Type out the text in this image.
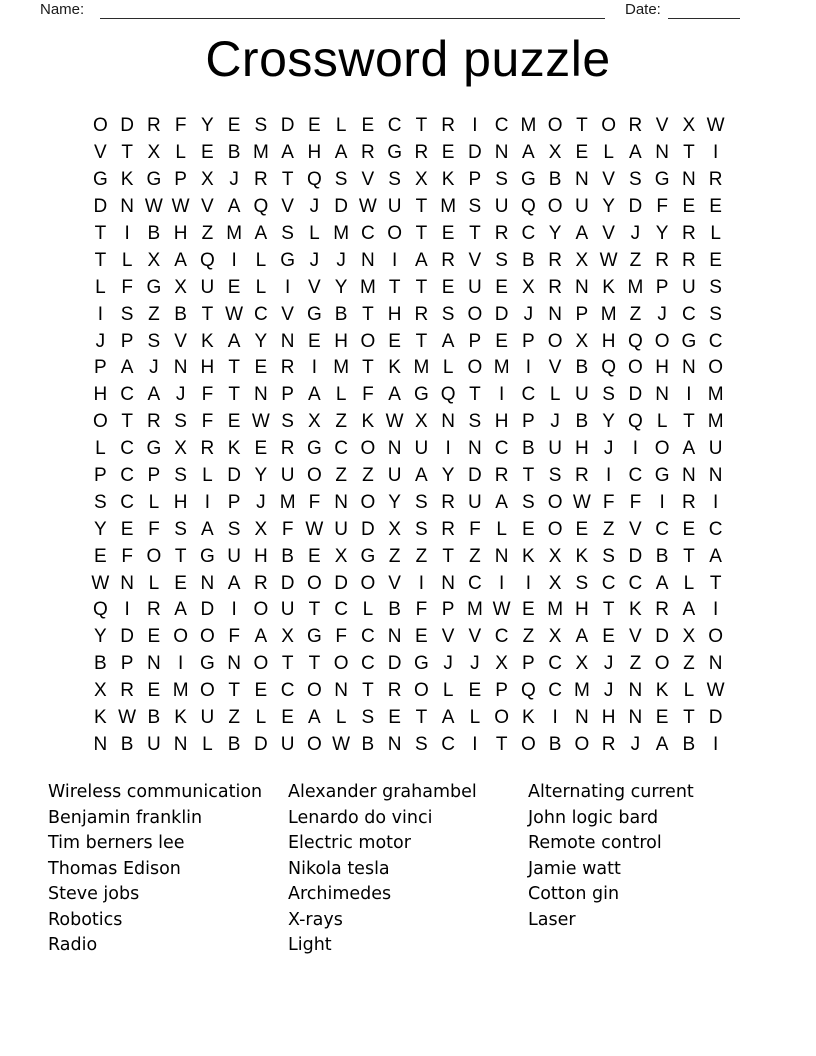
Name:	Date:
Crossword puzzle
O D R F Y E S D E L E C T R I C M O T O R V X W
V T X L E B M A H A R G R E D N A X E L A N T I
G K G P X J R T Q S V S X K P S G B N V S G N R
D N W W V A Q V J D W U T M S U Q O U Y D F E E
T I B H Z M A S L M C O T E T R C Y A V J Y R L
T L X A Q I L G J J N I A R V S B R X W Z R R E
L F G X U E L I V Y M T T E U E X R N K M P U S
I S Z B T W C V G B T H R S O D J N P M Z J C S
J P S V K A Y N E H O E T A P E P O X H Q O G C
P A J N H T E R I M T K M L O M I V B Q O H N O
H C A J F T N P A L F A G Q T I C L U S D N I M
O T R S F E W S X Z K W X N S H P J B Y Q L T M
L C G X R K E R G C O N U I N C B U H J	I O A U
P C P S L D Y U O Z Z U A Y D R T S R I C G N N
S C L H I P J M F N O Y S R U A S O W F F I R I
Y E F S A S X F W U D X S R F L E O E Z V C E C
E F O T G U H B E X G Z Z T Z N K X K S D B T A
W N L E N A R D O D O V I N C I	I X S C C A L T
Q I R A D I O U T C L B F P M W E M H T K R A I
Y D E O O F A X G F C N E V V C Z X A E V D X O
B P N I G N O T T O C D G J J X P C X J Z O Z N
X R E M O T E C O N T R O L E P Q C M J N K L W
K W B K U Z L E A L S E T A L O K I N H N E T D
N B U N L B D U O W B N S C I T O B O R J A B I
Wireless communication
Benjamin franklin
Tim berners lee
Thomas Edison
Steve jobs
Robotics
Radio
Alexander grahambel
Lenardo do vinci
Electric motor
Nikola tesla
Archimedes
X-rays
Light
Alternating current
John logic bard
Remote control
Jamie watt
Cotton gin
Laser
